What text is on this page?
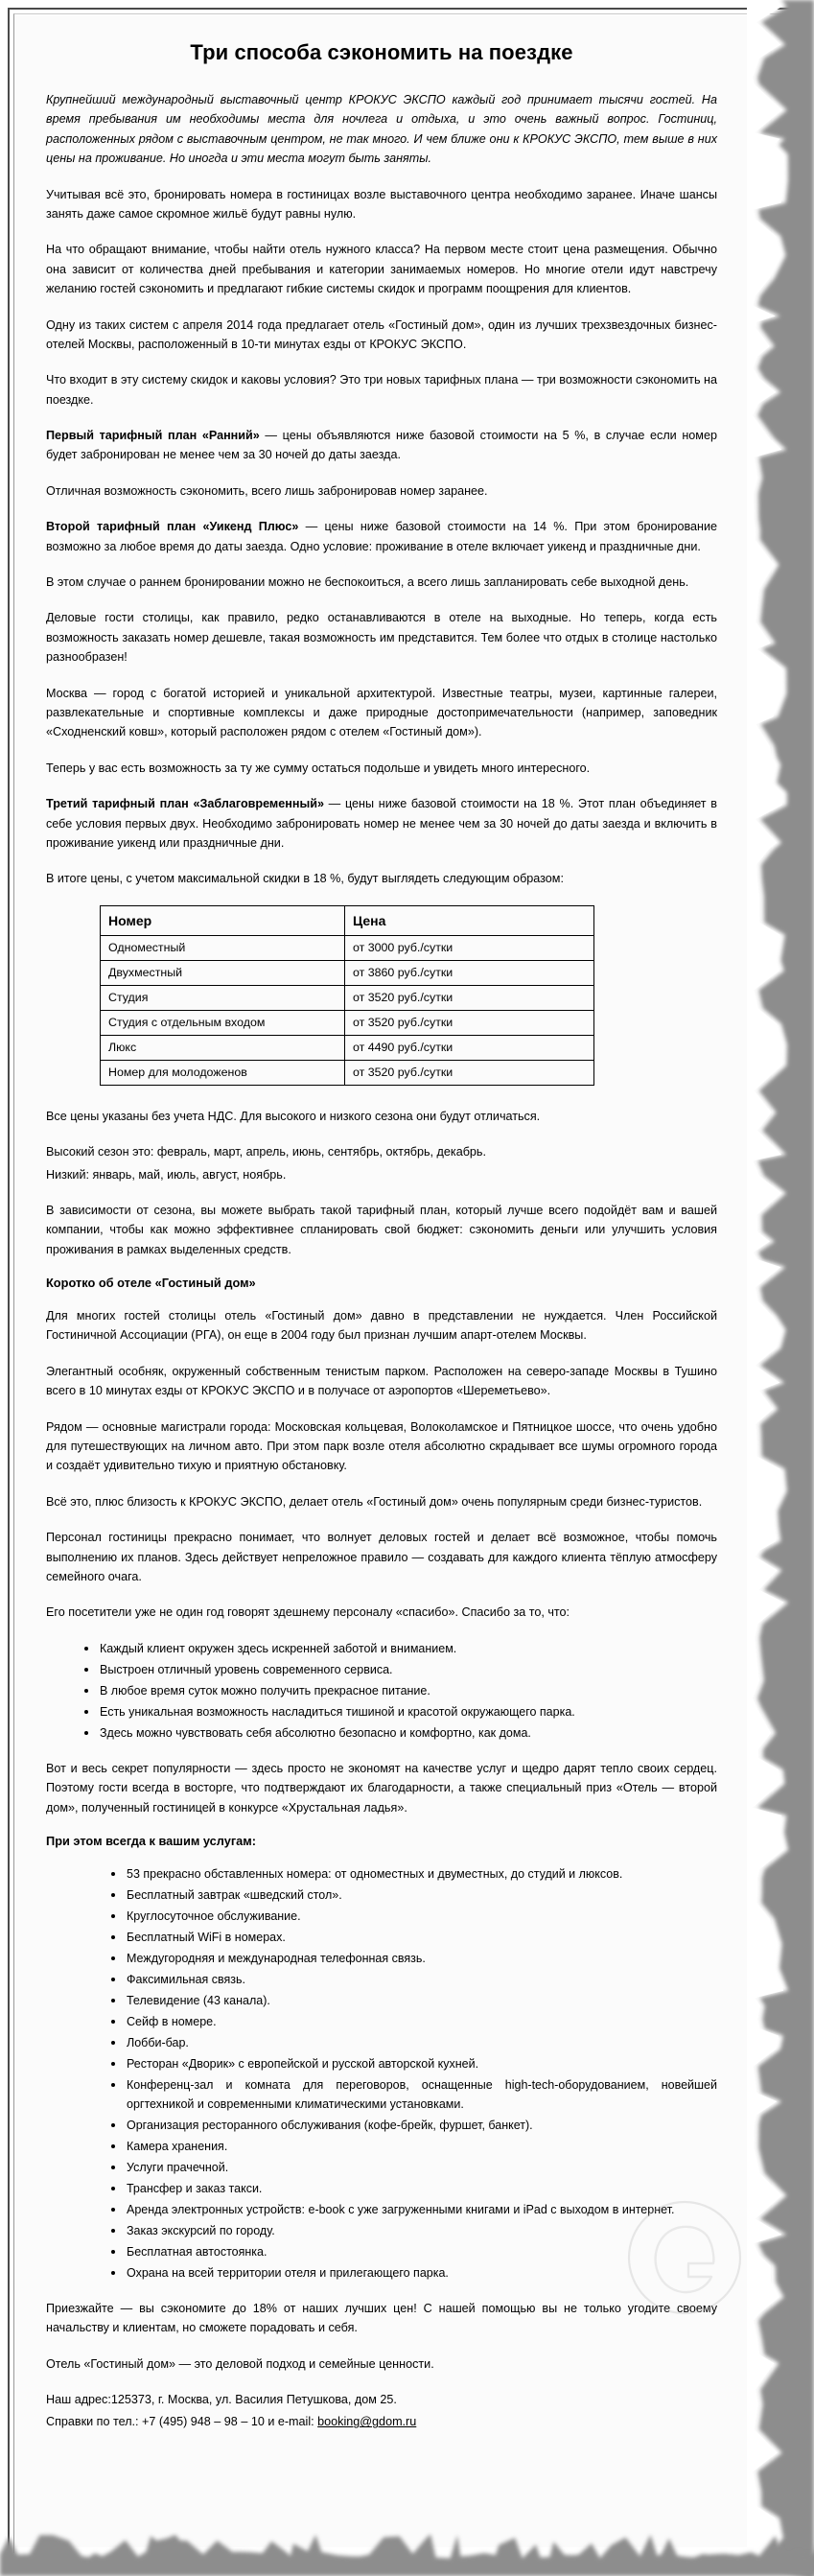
Три способа сэкономить на поездке

Крупнейший международный выставочный центр КРОКУС ЭКСПО каждый год принимает тысячи гостей. На время пребывания им необходимы места для ночлега и отдыха, и это очень важный вопрос. Гостиниц, расположенных рядом с выставочным центром, не так много. И чем ближе они к КРОКУС ЭКСПО, тем выше в них цены на проживание. Но иногда и эти места могут быть заняты.

Учитывая всё это, бронировать номера в гостиницах возле выставочного центра необходимо заранее. Иначе шансы занять даже самое скромное жильё будут равны нулю.

На что обращают внимание, чтобы найти отель нужного класса? На первом месте стоит цена размещения. Обычно она зависит от количества дней пребывания и категории занимаемых номеров. Но многие отели идут навстречу желанию гостей сэкономить и предлагают гибкие системы скидок и программ поощрения для клиентов.

Одну из таких систем с апреля 2014 года предлагает отель «Гостиный дом», один из лучших трехзвездочных бизнес-отелей Москвы, расположенный в 10-ти минутах езды от КРОКУС ЭКСПО.

Что входит в эту систему скидок и каковы условия? Это три новых тарифных плана — три возможности сэкономить на поездке.

Первый тарифный план «Ранний» — цены объявляются ниже базовой стоимости на 5 %, в случае если номер будет забронирован не менее чем за 30 ночей до даты заезда.

Отличная возможность сэкономить, всего лишь забронировав номер заранее.

Второй тарифный план «Уикенд Плюс» — цены ниже базовой стоимости на 14 %. При этом бронирование возможно за любое время до даты заезда. Одно условие: проживание в отеле включает уикенд и праздничные дни.

В этом случае о раннем бронировании можно не беспокоиться, а всего лишь запланировать себе выходной день.

Деловые гости столицы, как правило, редко останавливаются в отеле на выходные. Но теперь, когда есть возможность заказать номер дешевле, такая возможность им представится. Тем более что отдых в столице настолько разнообразен!

Москва — город с богатой историей и уникальной архитектурой. Известные театры, музеи, картинные галереи, развлекательные и спортивные комплексы и даже природные достопримечательности (например, заповедник «Сходненский ковш», который расположен рядом с отелем «Гостиный дом»).

Теперь у вас есть возможность за ту же сумму остаться подольше и увидеть много интересного.

Третий тарифный план «Заблаговременный» — цены ниже базовой стоимости на 18 %. Этот план объединяет в себе условия первых двух. Необходимо забронировать номер не менее чем за 30 ночей до даты заезда и включить в проживание уикенд или праздничные дни.

В итоге цены, с учетом максимальной скидки в 18 %, будут выглядеть следующим образом:

Номер	Цена
Одноместный	от 3000 руб./сутки
Двухместный	от 3860 руб./сутки
Студия	от 3520 руб./сутки
Студия с отдельным входом	от 3520 руб./сутки
Люкс	от 4490 руб./сутки
Номер для молодоженов	от 3520 руб./сутки

Все цены указаны без учета НДС. Для высокого и низкого сезона они будут отличаться.

Высокий сезон это: февраль, март, апрель, июнь, сентябрь, октябрь, декабрь.

Низкий: январь, май, июль, август, ноябрь.

В зависимости от сезона, вы можете выбрать такой тарифный план, который лучше всего подойдёт вам и вашей компании, чтобы как можно эффективнее спланировать свой бюджет: сэкономить деньги или улучшить условия проживания в рамках выделенных средств.

Коротко об отеле «Гостиный дом»

Для многих гостей столицы отель «Гостиный дом» давно в представлении не нуждается. Член Российской Гостиничной Ассоциации (РГА), он еще в 2004 году был признан лучшим апарт-отелем Москвы.

Элегантный особняк, окруженный собственным тенистым парком. Расположен на северо-западе Москвы в Тушино всего в 10 минутах езды от КРОКУС ЭКСПО и в получасе от аэропортов «Шереметьево».

Рядом — основные магистрали города: Московская кольцевая, Волоколамское и Пятницкое шоссе, что очень удобно для путешествующих на личном авто. При этом парк возле отеля абсолютно скрадывает все шумы огромного города и создаёт удивительно тихую и приятную обстановку.

Всё это, плюс близость к КРОКУС ЭКСПО, делает отель «Гостиный дом» очень популярным среди бизнес-туристов.

Персонал гостиницы прекрасно понимает, что волнует деловых гостей и делает всё возможное, чтобы помочь выполнению их планов. Здесь действует непреложное правило — создавать для каждого клиента тёплую атмосферу семейного очага.

Его посетители уже не один год говорят здешнему персоналу «спасибо». Спасибо за то, что:

Каждый клиент окружен здесь искренней заботой и вниманием.
Выстроен отличный уровень современного сервиса.
В любое время суток можно получить прекрасное питание.
Есть уникальная возможность насладиться тишиной и красотой окружающего парка.
Здесь можно чувствовать себя абсолютно безопасно и комфортно, как дома.

Вот и весь секрет популярности — здесь просто не экономят на качестве услуг и щедро дарят тепло своих сердец. Поэтому гости всегда в восторге, что подтверждают их благодарности, а также специальный приз «Отель — второй дом», полученный гостиницей в конкурсе «Хрустальная ладья».

При этом всегда к вашим услугам:
53 прекрасно обставленных номера: от одноместных и двуместных, до студий и люксов.
Бесплатный завтрак «шведский стол».
Круглосуточное обслуживание.
Бесплатный WiFi в номерах.
Междугородняя и международная телефонная связь.
Факсимильная связь.
Телевидение (43 канала).
Сейф в номере.
Лобби-бар.
Ресторан «Дворик» с европейской и русской авторской кухней.
Конференц-зал и комната для переговоров, оснащенные high-tech-оборудованием, новейшей оргтехникой и современными климатическими установками.
Организация ресторанного обслуживания (кофе-брейк, фуршет, банкет).
Камера хранения.
Услуги прачечной.
Трансфер и заказ такси.
Аренда электронных устройств: e-book с уже загруженными книгами и iPad с выходом в интернет.
Заказ экскурсий по городу.
Бесплатная автостоянка.
Охрана на всей территории отеля и прилегающего парка.

Приезжайте — вы сэкономите до 18% от наших лучших цен! С нашей помощью вы не только угодите своему начальству и клиентам, но сможете порадовать и себя.

Отель «Гостиный дом» — это деловой подход и семейные ценности.

Наш адрес:125373, г. Москва, ул. Василия Петушкова, дом 25.

Справки по тел.: +7 (495) 948 – 98 – 10 и e-mail: booking@gdom.ru
